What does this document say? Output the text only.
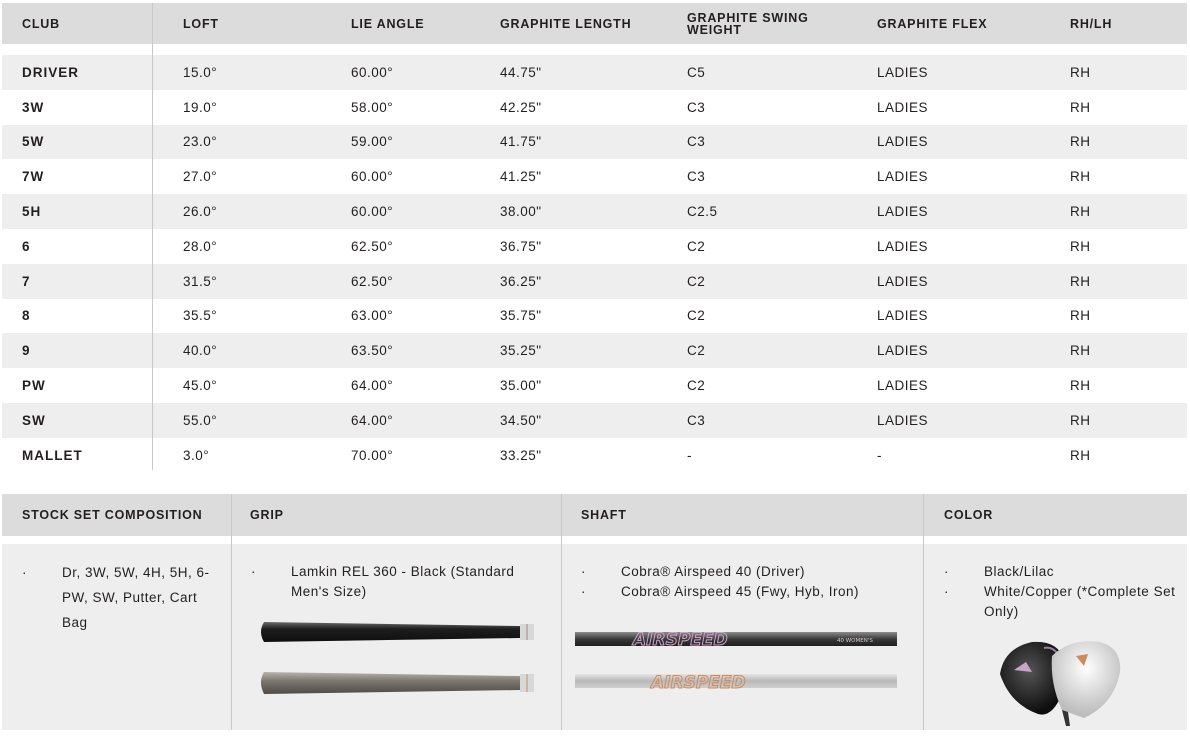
CLUB	LOFT	LIE ANGLE	GRAPHITE LENGTH	GRAPHITE SWING WEIGHT	GRAPHITE FLEX	RH/LH
DRIVER	15.0°	60.00°	44.75"	C5	LADIES	RH
3W	19.0°	58.00°	42.25"	C3	LADIES	RH
5W	23.0°	59.00°	41.75"	C3	LADIES	RH
7W	27.0°	60.00°	41.25"	C3	LADIES	RH
5H	26.0°	60.00°	38.00"	C2.5	LADIES	RH
6	28.0°	62.50°	36.75"	C2	LADIES	RH
7	31.5°	62.50°	36.25"	C2	LADIES	RH
8	35.5°	63.00°	35.75"	C2	LADIES	RH
9	40.0°	63.50°	35.25"	C2	LADIES	RH
PW	45.0°	64.00°	35.00"	C2	LADIES	RH
SW	55.0°	64.00°	34.50"	C3	LADIES	RH
MALLET	3.0°	70.00°	33.25"	-	-	RH
STOCK SET COMPOSITION	GRIP	SHAFT	COLOR
· Dr, 3W, 5W, 4H, 5H, 6-PW, SW, Putter, Cart Bag
· Lamkin REL 360 - Black (Standard Men's Size)
· Cobra® Airspeed 40 (Driver)
· Cobra® Airspeed 45 (Fwy, Hyb, Iron)
· Black/Lilac
· White/Copper (*Complete Set Only)
AIRSPEED	40 WOMEN'S
AIRSPEED
